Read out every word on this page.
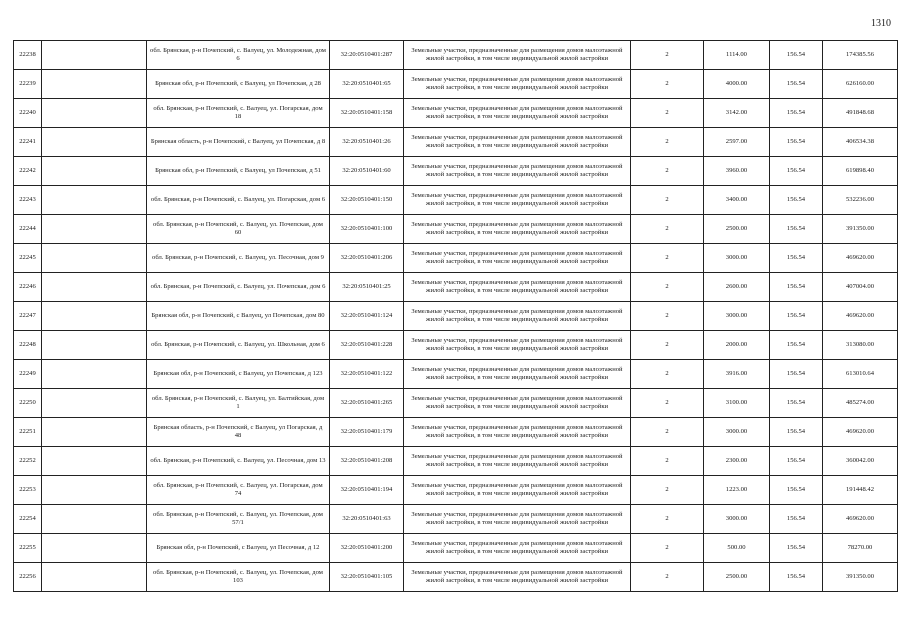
1310
22238		обл. Брянская, р-н Почепский, с. Валуец, ул. Молодежная, дом 6	32:20:0510401:287	Земельные участки, предназначенные для размещения домов малоэтажной жилой застройки, в том числе индивидуальной жилой застройки	2	1114.00	156.54	174385.56
22239		Брянская обл, р-н Почепский, с Валуец, ул Почепская, д 28	32:20:0510401:65	Земельные участки, предназначенные для размещения домов малоэтажной жилой застройки, в том числе индивидуальной жилой застройки	2	4000.00	156.54	626160.00
22240		обл. Брянская, р-н Почепский, с. Валуец, ул. Погарская, дом 18	32:20:0510401:158	Земельные участки, предназначенные для размещения домов малоэтажной жилой застройки, в том числе индивидуальной жилой застройки	2	3142.00	156.54	491848.68
22241		Брянская область, р-н Почепский, с Валуец, ул Почепская, д 8	32:20:0510401:26	Земельные участки, предназначенные для размещения домов малоэтажной жилой застройки, в том числе индивидуальной жилой застройки	2	2597.00	156.54	406534.38
22242		Брянская обл, р-н Почепский, с Валуец, ул Почепская, д 51	32:20:0510401:60	Земельные участки, предназначенные для размещения домов малоэтажной жилой застройки, в том числе индивидуальной жилой застройки	2	3960.00	156.54	619898.40
22243		обл. Брянская, р-н Почепский, с. Валуец, ул. Погарская, дом 6	32:20:0510401:150	Земельные участки, предназначенные для размещения домов малоэтажной жилой застройки, в том числе индивидуальной жилой застройки	2	3400.00	156.54	532236.00
22244		обл. Брянская, р-н Почепский, с. Валуец, ул. Почепская, дом 60	32:20:0510401:100	Земельные участки, предназначенные для размещения домов малоэтажной жилой застройки, в том числе индивидуальной жилой застройки	2	2500.00	156.54	391350.00
22245		обл. Брянская, р-н Почепский, с. Валуец, ул. Песочная, дом 9	32:20:0510401:206	Земельные участки, предназначенные для размещения домов малоэтажной жилой застройки, в том числе индивидуальной жилой застройки	2	3000.00	156.54	469620.00
22246		обл. Брянская, р-н Почепский, с. Валуец, ул. Почепская, дом 6	32:20:0510401:25	Земельные участки, предназначенные для размещения домов малоэтажной жилой застройки, в том числе индивидуальной жилой застройки	2	2600.00	156.54	407004.00
22247		Брянская обл, р-н Почепский, с Валуец, ул Почепская, дом 80	32:20:0510401:124	Земельные участки, предназначенные для размещения домов малоэтажной жилой застройки, в том числе индивидуальной жилой застройки	2	3000.00	156.54	469620.00
22248		обл. Брянская, р-н Почепский, с. Валуец, ул. Школьная, дом 6	32:20:0510401:228	Земельные участки, предназначенные для размещения домов малоэтажной жилой застройки, в том числе индивидуальной жилой застройки	2	2000.00	156.54	313080.00
22249		Брянская обл, р-н Почепский, с Валуец, ул Почепская, д 123	32:20:0510401:122	Земельные участки, предназначенные для размещения домов малоэтажной жилой застройки, в том числе индивидуальной жилой застройки	2	3916.00	156.54	613010.64
22250		обл. Брянская, р-н Почепский, с. Валуец, ул. Балтийская, дом 1	32:20:0510401:265	Земельные участки, предназначенные для размещения домов малоэтажной жилой застройки, в том числе индивидуальной жилой застройки	2	3100.00	156.54	485274.00
22251		Брянская область, р-н Почепский, с Валуец, ул Погарская, д 48	32:20:0510401:179	Земельные участки, предназначенные для размещения домов малоэтажной жилой застройки, в том числе индивидуальной жилой застройки	2	3000.00	156.54	469620.00
22252		обл. Брянская, р-н Почепский, с. Валуец, ул. Песочная, дом 13	32:20:0510401:208	Земельные участки, предназначенные для размещения домов малоэтажной жилой застройки, в том числе индивидуальной жилой застройки	2	2300.00	156.54	360042.00
22253		обл. Брянская, р-н Почепский, с. Валуец, ул. Погарская, дом 74	32:20:0510401:194	Земельные участки, предназначенные для размещения домов малоэтажной жилой застройки, в том числе индивидуальной жилой застройки	2	1223.00	156.54	191448.42
22254		обл. Брянская, р-н Почепский, с. Валуец, ул. Почепская, дом 57/1	32:20:0510401:63	Земельные участки, предназначенные для размещения домов малоэтажной жилой застройки, в том числе индивидуальной жилой застройки	2	3000.00	156.54	469620.00
22255		Брянская обл, р-н Почепский, с Валуец, ул Песочная, д 12	32:20:0510401:200	Земельные участки, предназначенные для размещения домов малоэтажной жилой застройки, в том числе индивидуальной жилой застройки	2	500.00	156.54	78270.00
22256		обл. Брянская, р-н Почепский, с. Валуец, ул. Почепская, дом 103	32:20:0510401:105	Земельные участки, предназначенные для размещения домов малоэтажной жилой застройки, в том числе индивидуальной жилой застройки	2	2500.00	156.54	391350.00
